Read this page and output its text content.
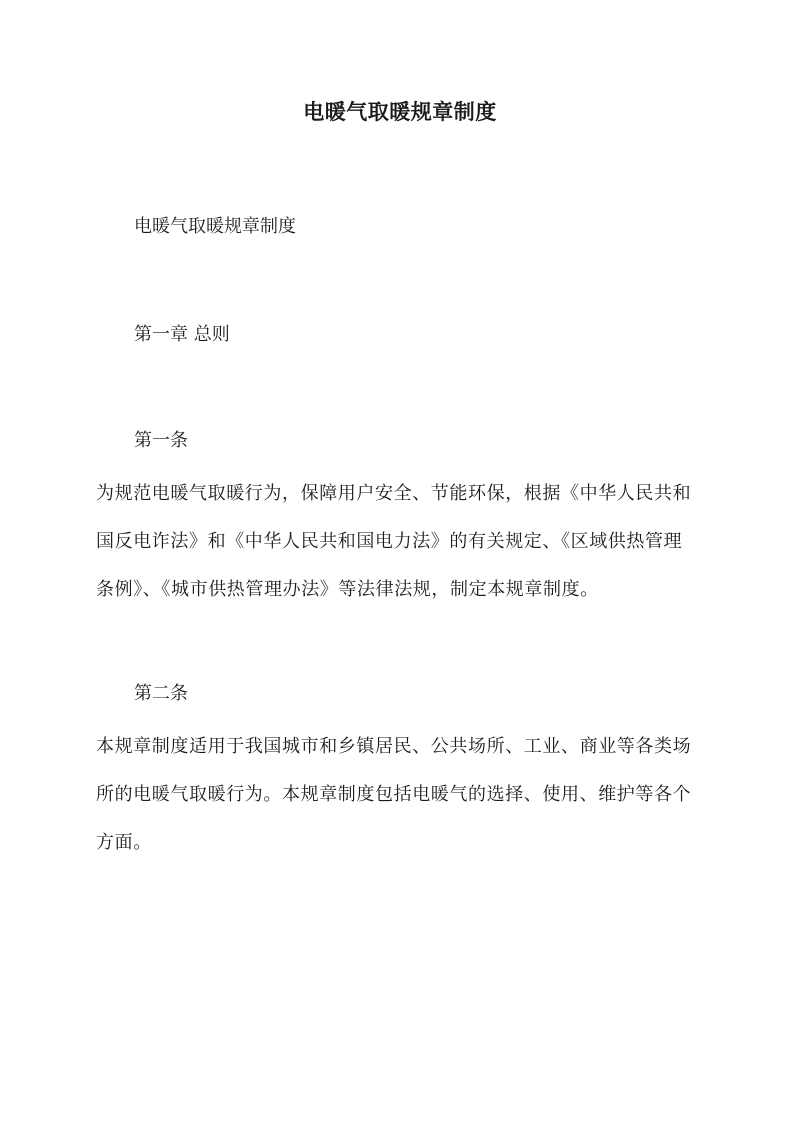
电暖气取暖规章制度
电暖气取暖规章制度
第一章 总则
第一条
为规范电暖气取暖行为，保障用户安全、节能环保，根据《中华人民共和
国反电诈法》和《中华人民共和国电力法》的有关规定、《区域供热管理
条例》、《城市供热管理办法》等法律法规，制定本规章制度。
第二条
本规章制度适用于我国城市和乡镇居民、公共场所、工业、商业等各类场
所的电暖气取暖行为。本规章制度包括电暖气的选择、使用、维护等各个
方面。
